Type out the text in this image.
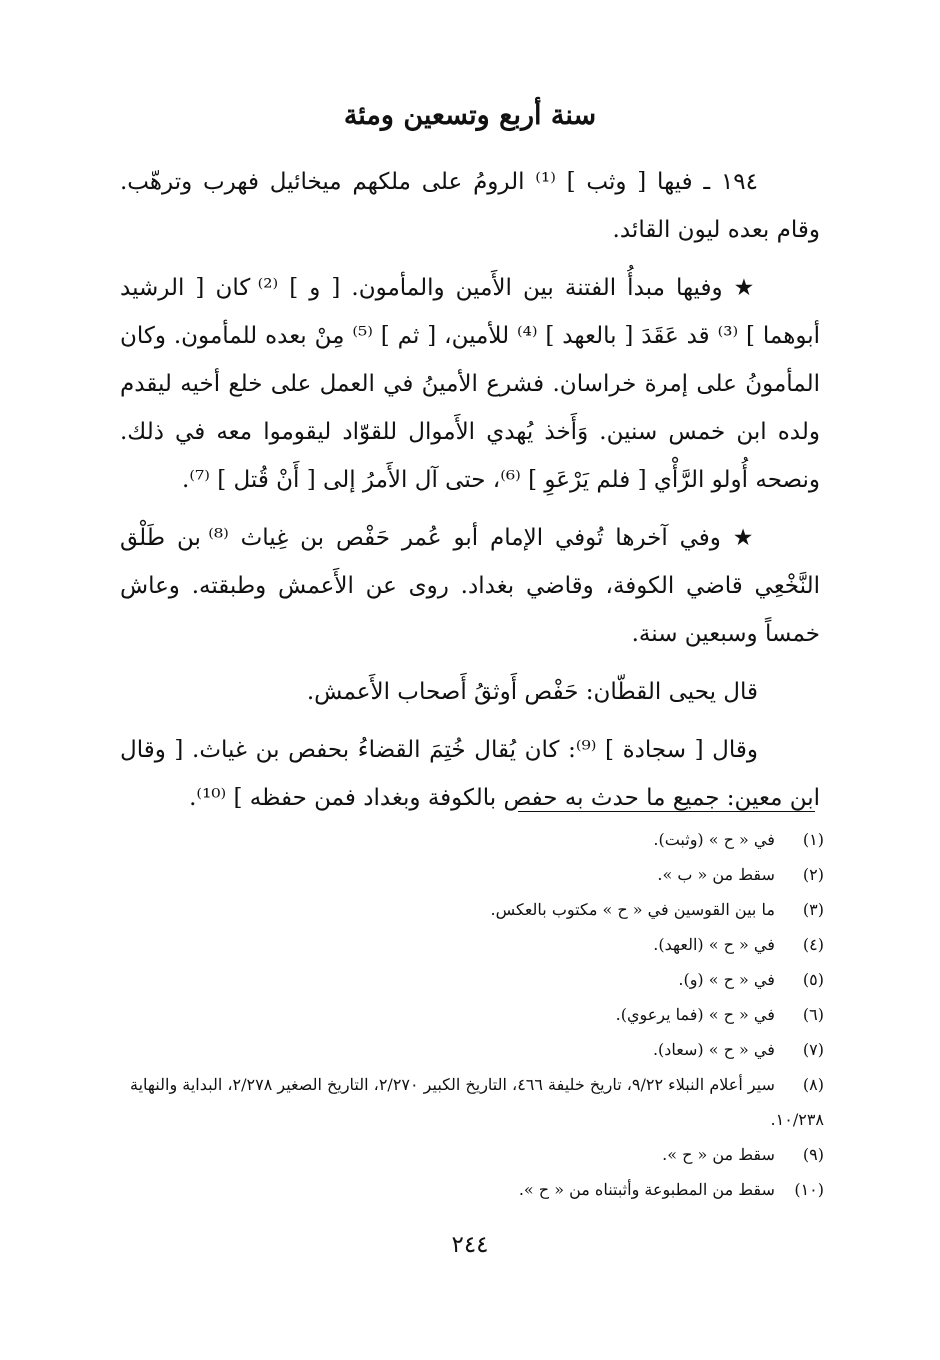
سنة أربع وتسعين ومئة

١٩٤ ـ فيها [ وثب ] ⁽¹⁾ الرومُ على ملكهم ميخائيل فهرب وترهّب. وقام بعده ليون القائد.

★ وفيها مبدأُ الفتنة بين الأَمين والمأمون. [ و ] ⁽²⁾ كان [ الرشيد أبوهما ] ⁽³⁾ قد عَقَدَ [ بالعهد ] ⁽⁴⁾ للأمين، [ ثم ] ⁽⁵⁾ مِنْ بعده للمأمون. وكان المأمونُ على إمرة خراسان. فشرع الأمينُ في العمل على خلع أخيه ليقدم ولده ابن خمس سنين. وَأَخذ يُهدي الأَموال للقوّاد ليقوموا معه في ذلك. ونصحه أُولو الرَّأْي [ فلم يَرْعَوِ ] ⁽⁶⁾، حتى آل الأَمرُ إلى [ أَنْ قُتل ] ⁽⁷⁾.

★ وفي آخرها تُوفي الإمام أبو عُمر حَفْص بن غِياث ⁽⁸⁾ بن طَلْق النَّخْعِي قاضي الكوفة، وقاضي بغداد. روى عن الأَعمش وطبقته. وعاش خمساً وسبعين سنة.

قال يحيى القطّان: حَفْص أَوثقُ أَصحاب الأَعمش.

وقال [ سجادة ] ⁽⁹⁾: كان يُقال خُتِمَ القضاءُ بحفص بن غياث. [ وقال ابن معين: جميع ما حدث به حفص بالكوفة وبغداد فمن حفظه ] ⁽¹⁰⁾.

(١) في « ح » (وثبت).

(٢) سقط من « ب ».

(٣) ما بين القوسين في « ح » مكتوب بالعكس.

(٤) في « ح » (العهد).

(٥) في « ح » (و).

(٦) في « ح » (فما يرعوي).

(٧) في « ح » (سعاد).

(٨) سير أعلام النبلاء ٩/٢٢، تاريخ خليفة ٤٦٦، التاريخ الكبير ٢/٢٧٠، التاريخ الصغير ٢/٢٧٨، البداية والنهاية ١٠/٢٣٨.

(٩) سقط من « ح ».

(١٠) سقط من المطبوعة وأثبتناه من « ح ».

٢٤٤
